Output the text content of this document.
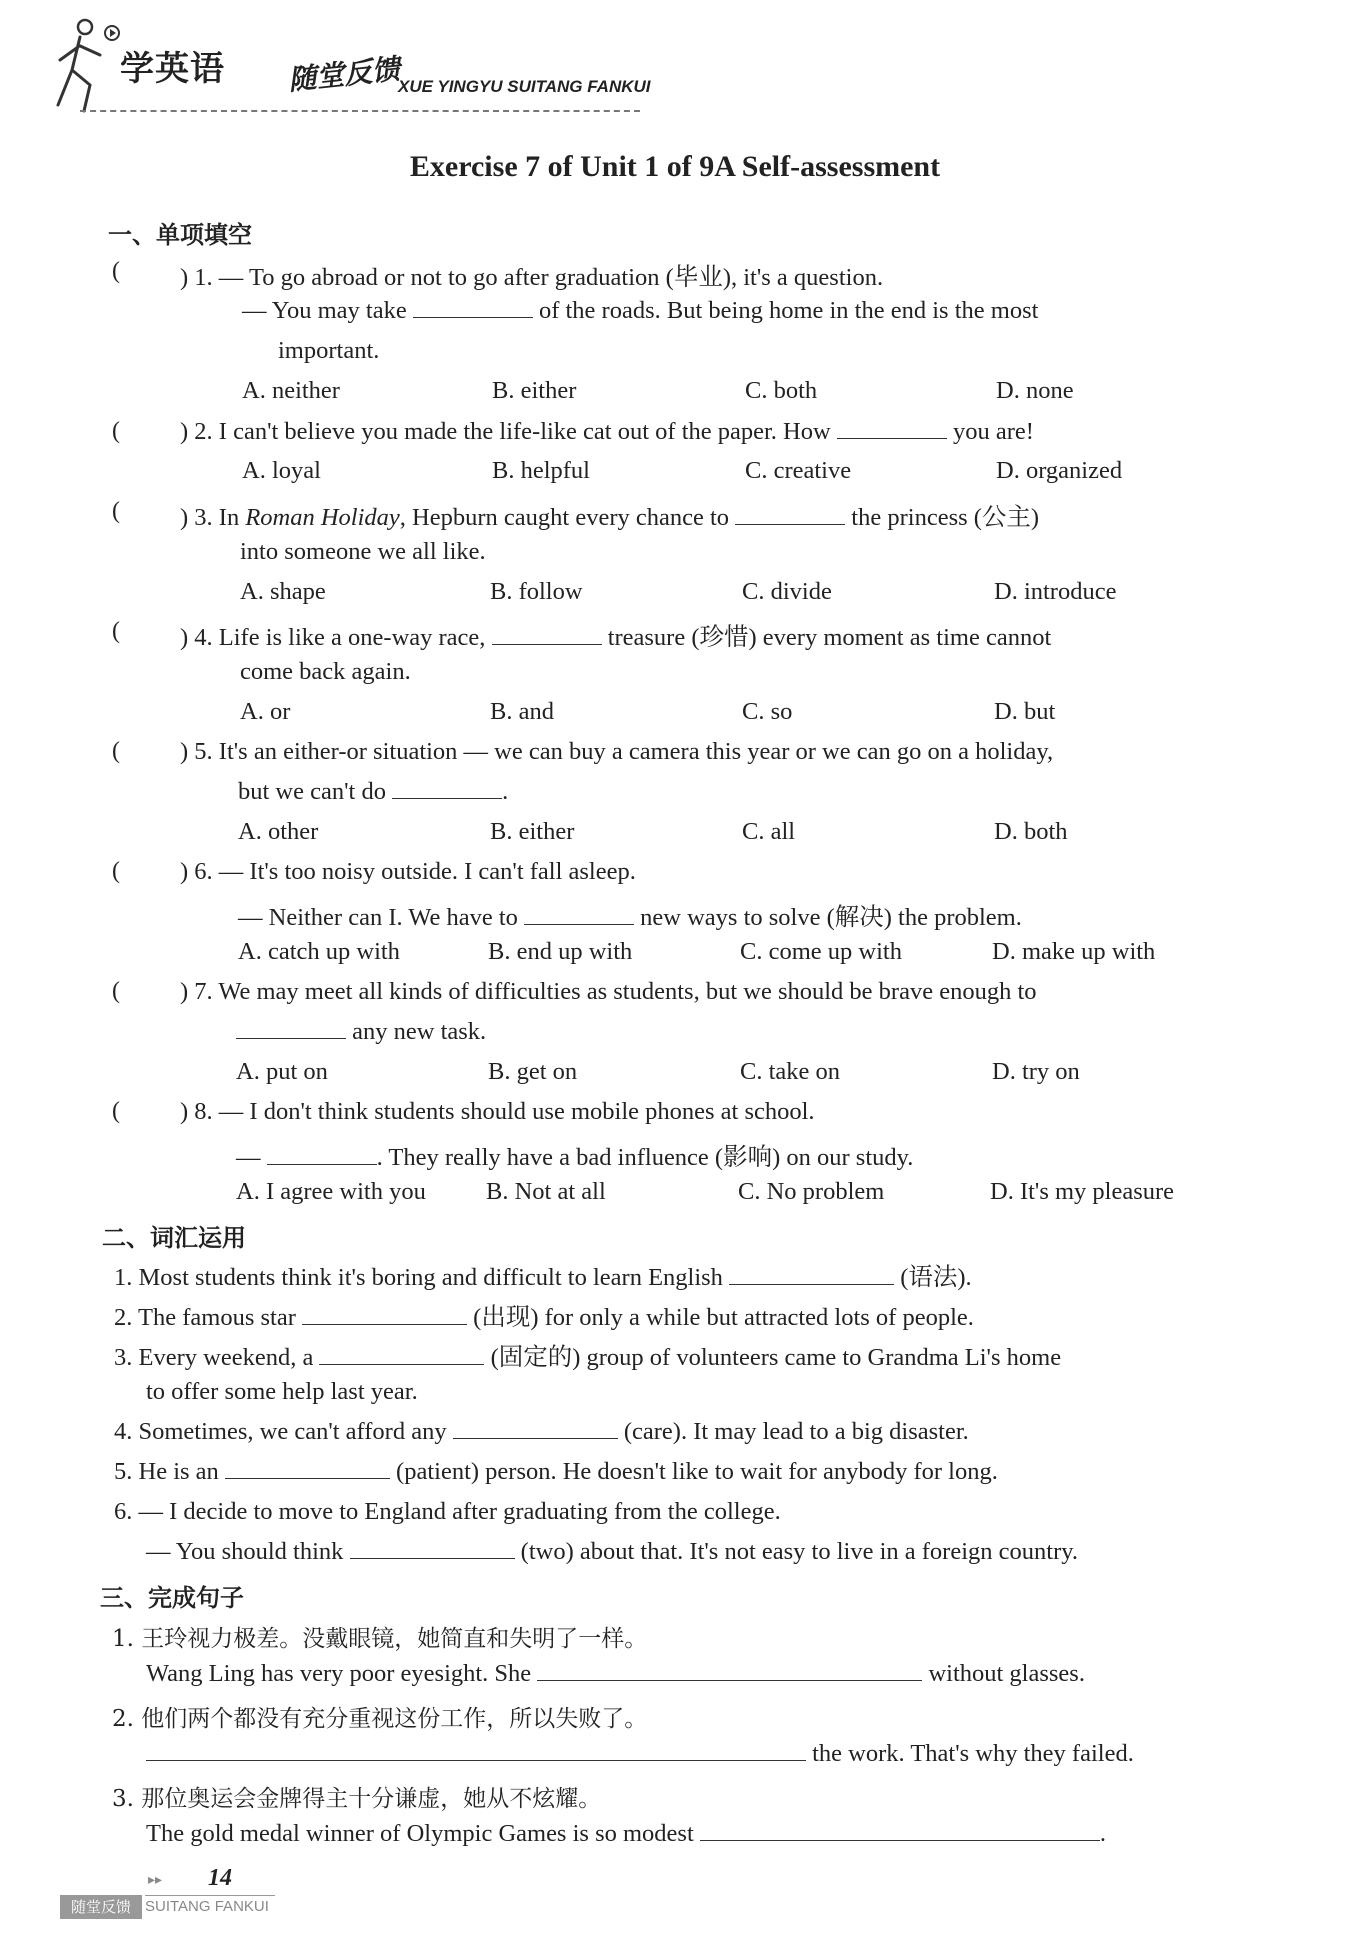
学英语 随堂反馈
XUE YINGYU SUITANG FANKUI
Exercise 7 of Unit 1 of 9A Self-assessment
一、单项填空
( ) 1. — To go abroad or not to go after graduation (毕业), it's a question.
— You may take	of the roads. But being home in the end is the most
important.
A. neither	B. either	C. both	D. none
( ) 2. I can't believe you made the life-like cat out of the paper. How	you are!
A. loyal	B. helpful	C. creative	D. organized
( ) 3. In Roman Holiday, Hepburn caught every chance to	the princess (公主)
into someone we all like.
A. shape	B. follow	C. divide	D. introduce
( ) 4. Life is like a one-way race,	treasure (珍惜) every moment as time cannot
come back again.
A. or	B. and	C. so	D. but
( ) 5. It's an either-or situation — we can buy a camera this year or we can go on a holiday,
but we can't do	.
A. other	B. either	C. all	D. both
( ) 6. — It's too noisy outside. I can't fall asleep.
— Neither can I. We have to	new ways to solve (解决) the problem.
A. catch up with	B. end up with	C. come up with	D. make up with
( ) 7. We may meet all kinds of difficulties as students, but we should be brave enough to
any new task.
A. put on	B. get on	C. take on	D. try on
( ) 8. — I don't think students should use mobile phones at school.
—	. They really have a bad influence (影响) on our study.
A. I agree with you B. Not at all	C. No problem	D. It's my pleasure
二、词汇运用
1. Most students think it's boring and difficult to learn English	(语法).
2. The famous star	(出现) for only a while but attracted lots of people.
3. Every weekend, a	(固定的) group of volunteers came to Grandma Li's home
to offer some help last year.
4. Sometimes, we can't afford any	(care). It may lead to a big disaster.
5. He is an	(patient) person. He doesn't like to wait for anybody for long.
6. — I decide to move to England after graduating from the college.
— You should think	(two) about that. It's not easy to live in a foreign country.
三、完成句子
1. 王玲视力极差。没戴眼镜，她简直和失明了一样。
Wang Ling has very poor eyesight. She	without glasses.
2. 他们两个都没有充分重视这份工作，所以失败了。
the work. That's why they failed.
3. 那位奥运会金牌得主十分谦虚，她从不炫耀。
The gold medal winner of Olympic Games is so modest	.
▸▸ 14
随堂反馈 SUITANG FANKUI
